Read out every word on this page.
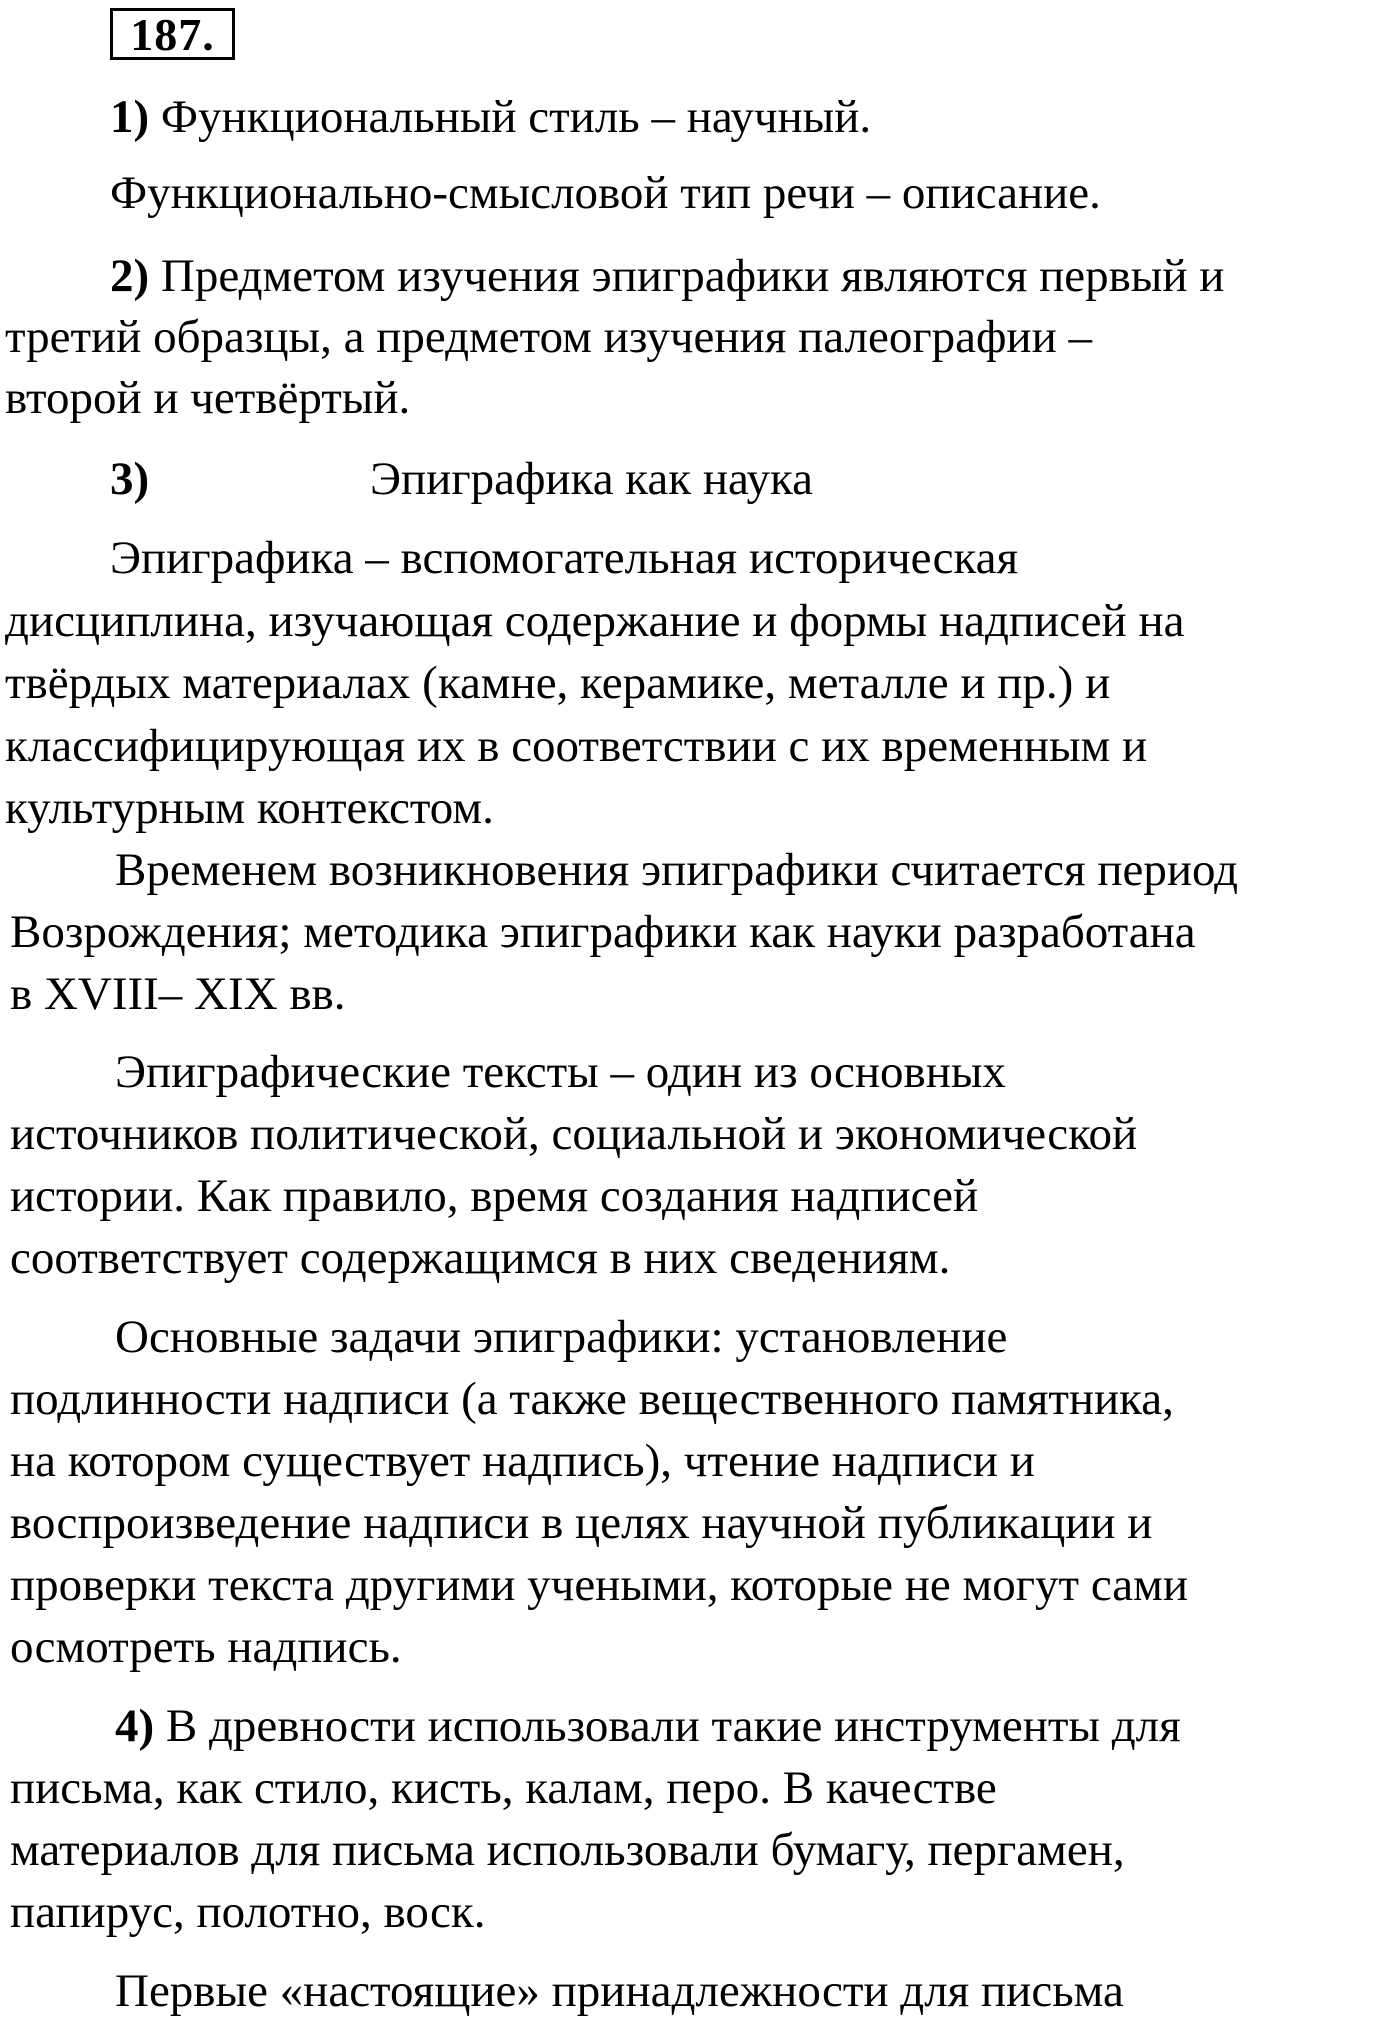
187.

1) Функциональный стиль – научный.

Функционально-смысловой тип речи – описание.

2) Предметом изучения эпиграфики являются первый и

третий образцы, а предметом изучения палеографии –

второй и четвёртый.

3)	Эпиграфика как наука

Эпиграфика – вспомогательная историческая

дисциплина, изучающая содержание и формы надписей на

твёрдых материалах (камне, керамике, металле и пр.) и

классифицирующая их в соответствии с их временным и

культурным контекстом.

Временем возникновения эпиграфики считается период

Возрождения; методика эпиграфики как науки разработана

в XVIII– XIX вв.

Эпиграфические тексты – один из основных

источников политической, социальной и экономической

истории. Как правило, время создания надписей

соответствует содержащимся в них сведениям.

Основные задачи эпиграфики: установление

подлинности надписи (а также вещественного памятника,

на котором существует надпись), чтение надписи и

воспроизведение надписи в целях научной публикации и

проверки текста другими учеными, которые не могут сами

осмотреть надпись.

4) В древности использовали такие инструменты для

письма, как стило, кисть, калам, перо. В качестве

материалов для письма использовали бумагу, пергамен,

папирус, полотно, воск.

Первые «настоящие» принадлежности для письма
